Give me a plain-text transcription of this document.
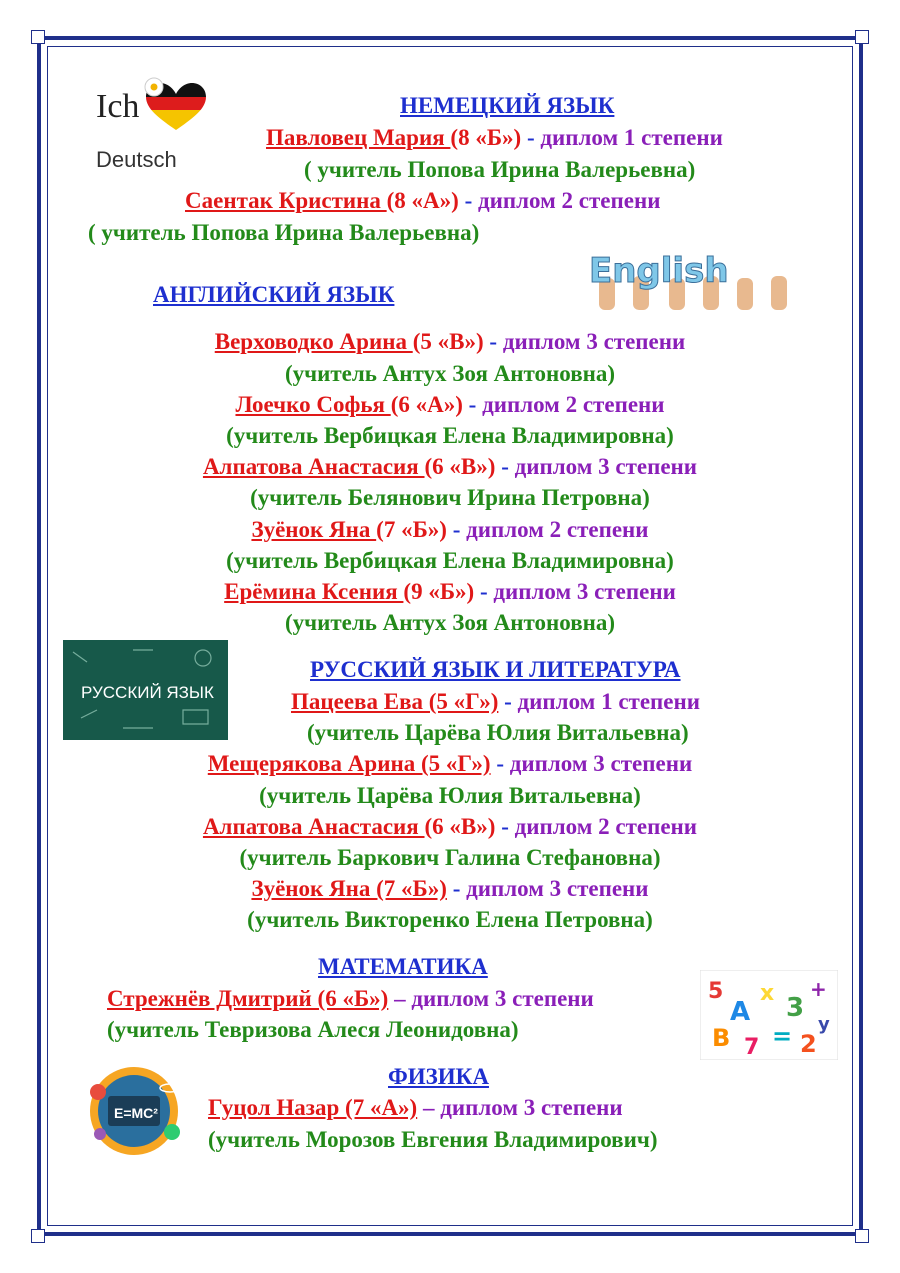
Ich
Deutsch
English
РУССКИЙ ЯЗЫК
5
A
x 3
+
B 7 = 2
y
E=MC²
НЕМЕЦКИЙ ЯЗЫК
Павловец Мария (8 «Б») - диплом 1 степени
( учитель Попова Ирина Валерьевна)
Саентак Кристина (8 «А») - диплом 2 степени
( учитель Попова Ирина Валерьевна)
АНГЛИЙСКИЙ ЯЗЫК
Верховодко Арина (5 «В») - диплом 3 степени
(учитель Антух Зоя Антоновна)
Лоечко Софья (6 «А») - диплом 2 степени
(учитель Вербицкая Елена Владимировна)
Алпатова Анастасия (6 «В») - диплом 3 степени
(учитель Белянович Ирина Петровна)
Зуёнок Яна (7 «Б») - диплом 2 степени
(учитель Вербицкая Елена Владимировна)
Ерёмина Ксения (9 «Б») - диплом 3 степени
(учитель Антух Зоя Антоновна)
РУССКИЙ ЯЗЫК И ЛИТЕРАТУРА
Пацеева Ева (5 «Г») - диплом 1 степени
(учитель Царёва Юлия Витальевна)
Мещерякова Арина (5 «Г») - диплом 3 степени
(учитель Царёва Юлия Витальевна)
Алпатова Анастасия (6 «В») - диплом 2 степени
(учитель Баркович Галина Стефановна)
Зуёнок Яна (7 «Б») - диплом 3 степени
(учитель Викторенко Елена Петровна)
МАТЕМАТИКА
Стрежнёв Дмитрий (6 «Б») – диплом 3 степени
(учитель Тевризова Алеся Леонидовна)
ФИЗИКА
Гуцол Назар (7 «А») – диплом 3 степени
(учитель Морозов Евгения Владимирович)
